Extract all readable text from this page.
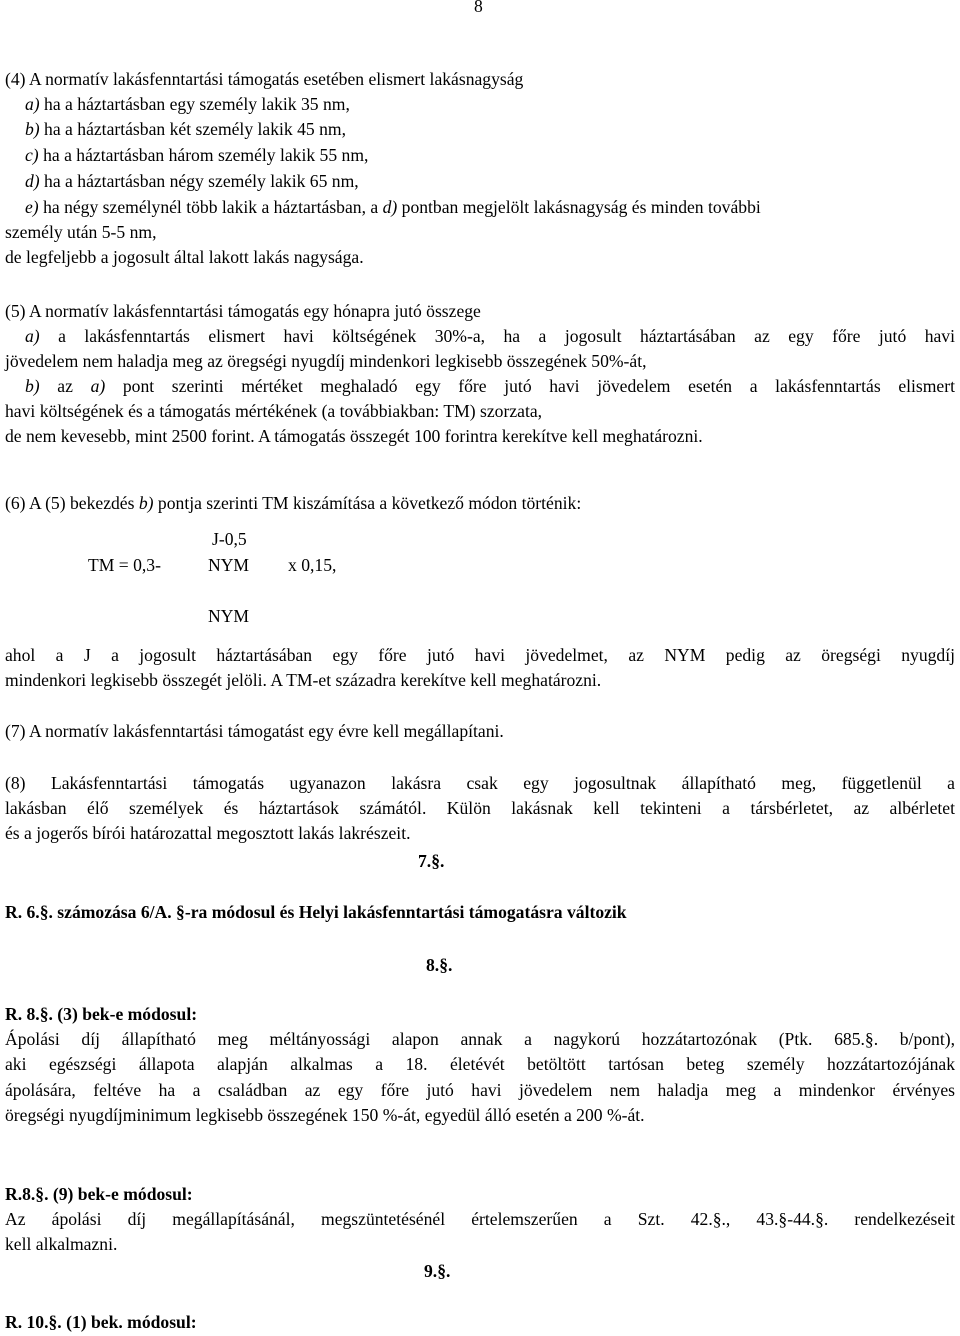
8
(4) A normatív lakásfenntartási támogatás esetében elismert lakásnagyság
a) ha a háztartásban egy személy lakik 35 nm,
b) ha a háztartásban két személy lakik 45 nm,
c) ha a háztartásban három személy lakik 55 nm,
d) ha a háztartásban négy személy lakik 65 nm,
e) ha négy személynél több lakik a háztartásban, a d) pontban megjelölt lakásnagyság és minden további
személy után 5-5 nm,
de legfeljebb a jogosult által lakott lakás nagysága.
(5) A normatív lakásfenntartási támogatás egy hónapra jutó összege
a) a lakásfenntartás elismert havi költségének 30%-a, ha a jogosult háztartásában az egy főre jutó havi
jövedelem nem haladja meg az öregségi nyugdíj mindenkori legkisebb összegének 50%-át,
b) az a) pont szerinti mértéket meghaladó egy főre jutó havi jövedelem esetén a lakásfenntartás elismert
havi költségének és a támogatás mértékének (a továbbiakban: TM) szorzata,
de nem kevesebb, mint 2500 forint. A támogatás összegét 100 forintra kerekítve kell meghatározni.
(6) A (5) bekezdés b) pontja szerinti TM kiszámítása a következő módon történik:
J-0,5
TM = 0,3-	NYM x 0,15,
NYM
ahol a J a jogosult háztartásában egy főre jutó havi jövedelmet, az NYM pedig az öregségi nyugdíj
mindenkori legkisebb összegét jelöli. A TM-et századra kerekítve kell meghatározni.
(7) A normatív lakásfenntartási támogatást egy évre kell megállapítani.
(8) Lakásfenntartási támogatás ugyanazon lakásra csak egy jogosultnak állapítható meg, függetlenül a
lakásban élő személyek és háztartások számától. Külön lakásnak kell tekinteni a társbérletet, az albérletet
és a jogerős bírói határozattal megosztott lakás lakrészeit.
7.§.
R. 6.§. számozása 6/A. §-ra módosul és Helyi lakásfenntartási támogatásra változik
8.§.
R. 8.§. (3) bek-e módosul:
Ápolási díj állapítható meg méltányossági alapon annak a nagykorú hozzátartozónak (Ptk. 685.§. b/pont),
aki egészségi állapota alapján alkalmas a 18. életévét betöltött tartósan beteg személy hozzátartozójának
ápolására, feltéve ha a családban az egy főre jutó havi jövedelem nem haladja meg a mindenkor érvényes
öregségi nyugdíjminimum legkisebb összegének 150 %-át, egyedül álló esetén a 200 %-át.
R.8.§. (9) bek-e módosul:
Az ápolási díj megállapításánál, megszüntetésénél értelemszerűen a Szt. 42.§., 43.§-44.§. rendelkezéseit
kell alkalmazni.
9.§.
R. 10.§. (1) bek. módosul:
